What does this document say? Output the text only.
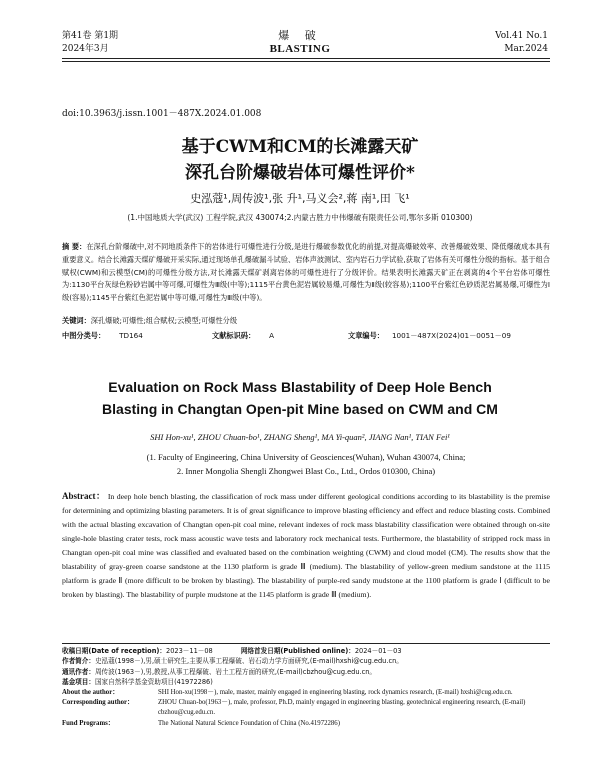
第41卷 第1期
2024年3月
爆 破
BLASTING
Vol.41 No.1
Mar.2024
doi:10.3963/j.issn.1001－487X.2024.01.008
基于CWM和CM的长滩露天矿
深孔台阶爆破岩体可爆性评价*
史泓蔻¹,周传波¹,张 升¹,马义会²,蒋 南¹,田 飞¹
(1.中国地质大学(武汉) 工程学院,武汉 430074;2.内蒙古胜力中伟爆破有限责任公司,鄂尔多斯 010300)
摘 要：在深孔台阶爆破中,对不同地质条件下的岩体进行可爆性进行分级,是进行爆破参数优化的前提,对提高爆破效率、改善爆破效果、降低爆破成本具有重要意义。结合长滩露天煤矿爆破开采实际,通过现场单孔爆破漏斗试验、岩体声波测试、室内岩石力学试验,获取了岩体有关可爆性分级的指标。基于组合赋权(CWM)和云模型(CM)的可爆性分级方法,对长滩露天煤矿剥离岩体的可爆性进行了分级评价。结果表明长滩露天矿正在剥离的4个平台岩体可爆性为:1130平台灰绿色粉砂岩属中等可爆,可爆性为Ⅲ级(中等);1115平台黄色泥岩属较易爆,可爆性为Ⅱ级(较容易);1100平台紫红色砂质泥岩属易爆,可爆性为Ⅰ级(容易);1145平台紫红色泥岩属中等可爆,可爆性为Ⅲ级(中等)。
关键词：深孔爆破;可爆性;组合赋权;云模型;可爆性分级
中图分类号： TD164	文献标识码： A	文章编号： 1001－487X(2024)01－0051－09
Evaluation on Rock Mass Blastability of Deep Hole Bench
Blasting in Changtan Open-pit Mine based on CWM and CM
SHI Hon-xu¹, ZHOU Chuan-bo¹, ZHANG Sheng¹, MA Yi-quan², JIANG Nan¹, TIAN Fei¹
(1. Faculty of Engineering, China University of Geosciences(Wuhan), Wuhan 430074, China;
2. Inner Mongolia Shengli Zhongwei Blast Co., Ltd., Ordos 010300, China)
Abstract： In deep hole bench blasting, the classification of rock mass under different geological conditions according to its blastability is the premise for determining and optimizing blasting parameters. It is of great significance to improve blasting efficiency and effect and reduce blasting costs. Combined with the actual blasting excavation of Changtan open-pit coal mine, relevant indexes of rock mass blastability classification were obtained through on-site single-hole blasting crater tests, rock mass acoustic wave tests and laboratory rock mechanical tests. Furthermore, the blastability of stripped rock mass in Changtan open-pit coal mine was classified and evaluated based on the combination weighting (CWM) and cloud model (CM). The results show that the blastability of gray-green coarse sandstone at the 1130 platform is grade Ⅲ (medium). The blastability of yellow-green medium sandstone at the 1115 platform is grade Ⅱ (more difficult to be broken by blasting). The blastability of purple-red sandy mudstone at the 1100 platform is grade Ⅰ (difficult to be broken by blasting). The blastability of purple mudstone at the 1145 platform is grade Ⅲ (medium).
收稿日期(Date of reception)：2023－11－08	网络首发日期(Published online)：2024－01－03
作者简介：史泓蔻(1998－),男,硕士研究生,主要从事工程爆破、岩石动力学方面研究,(E-mail)hxshi@cug.edu.cn。
通讯作者：周传波(1963－),男,教授,从事工程爆破、岩土工程方面的研究,(E-mail)cbzhou@cug.edu.cn。
基金项目：国家自然科学基金资助项目(41972286)
About the author：	SHI Hon-xu(1998－), male, master, mainly engaged in engineering blasting, rock dynamics research, (E-mail) hxshi@cug.edu.cn.
Corresponding author：	ZHOU Chuan-bo(1963－), male, professor, Ph.D, mainly engaged in engineering blasting, geotechnical engineering research, (E-mail) cbzhou@cug.edu.cn.
Fund Programs：	The National Natural Science Foundation of China (No.41972286)
